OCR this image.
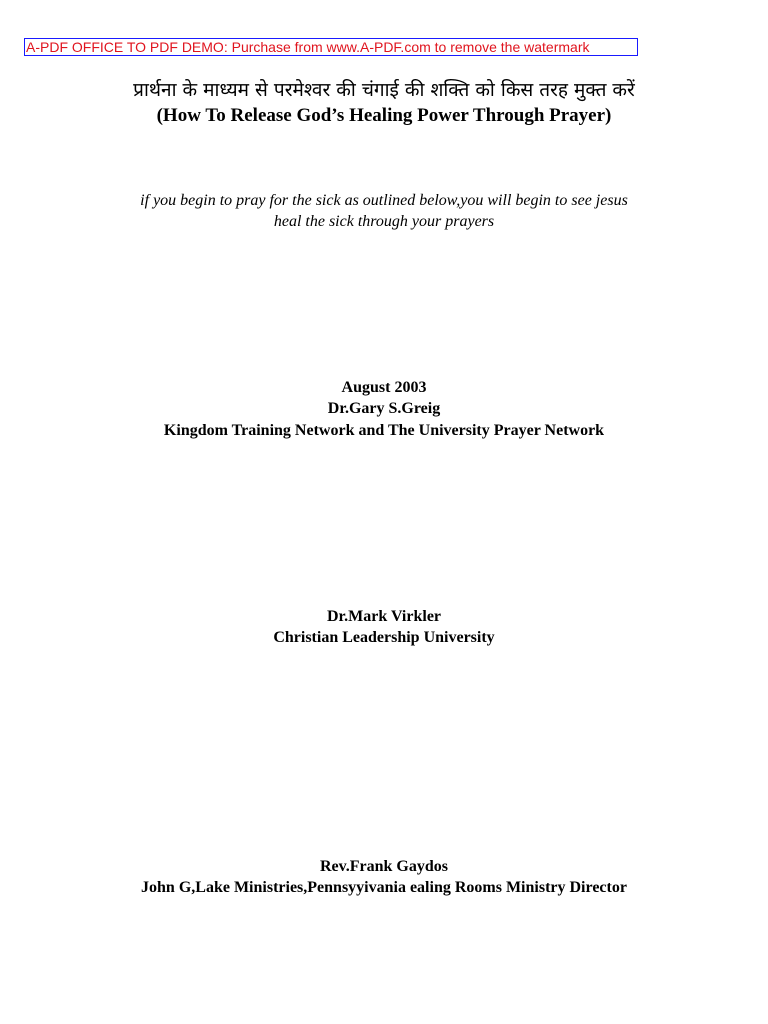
A-PDF OFFICE TO PDF DEMO: Purchase from www.A-PDF.com to remove the watermark
प्रार्थना के माध्यम से परमेश्वर की चंगाई की शक्ति को किस तरह मुक्त करें
(How To Release God’s Healing Power Through Prayer)
if you begin to pray for the sick as outlined below,you will begin to see jesus
heal the sick through your prayers
August 2003
Dr.Gary S.Greig
Kingdom Training Network and The University Prayer Network
Dr.Mark Virkler
Christian Leadership University
Rev.Frank Gaydos
John G,Lake Ministries,Pennsyyivania ealing Rooms Ministry Director
